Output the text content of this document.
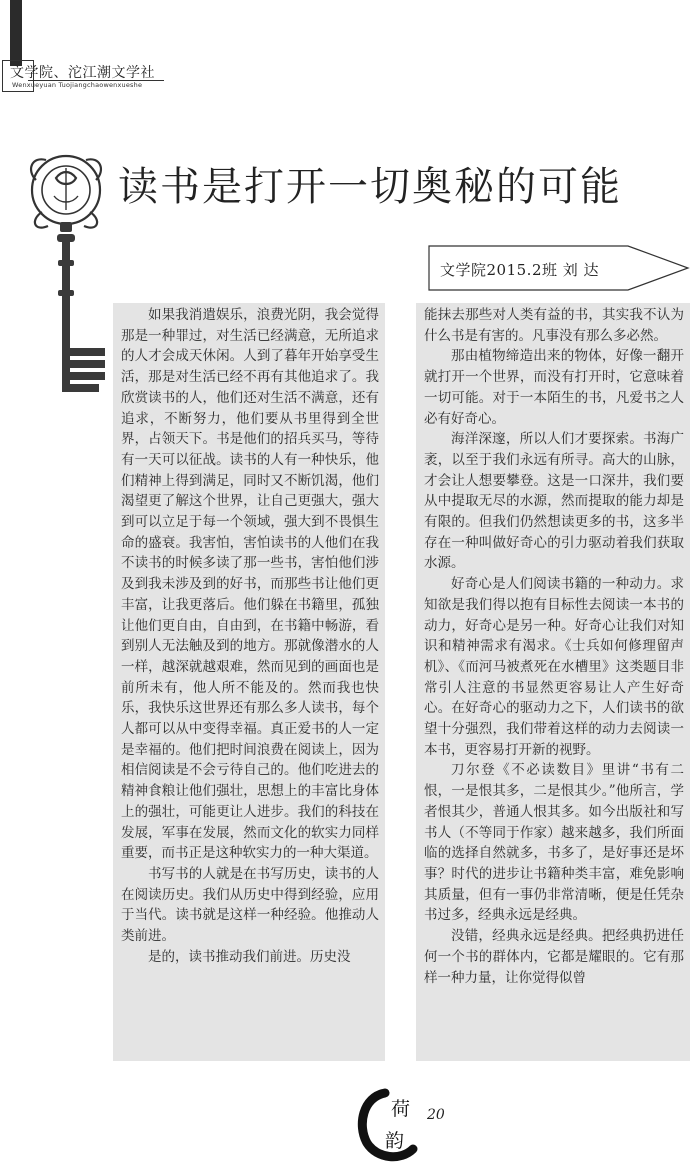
文学院、沱江潮文学社
Wenxueyuan Tuojiangchaowenxueshe
读书是打开一切奥秘的可能
文学院2015.2班 刘 达

如果我消遣娱乐，浪费光阴，我会觉得那是一种罪过，对生活已经满意，无所追求的人才会成天休闲。人到了暮年开始享受生活，那是对生活已经不再有其他追求了。我欣赏读书的人，他们还对生活不满意，还有追求，不断努力，他们要从书里得到全世界，占领天下。书是他们的招兵买马，等待有一天可以征战。读书的人有一种快乐，他们精神上得到满足，同时又不断饥渴，他们渴望更了解这个世界，让自己更强大，强大到可以立足于每一个领域，强大到不畏惧生命的盛衰。我害怕，害怕读书的人他们在我不读书的时候多读了那一些书，害怕他们涉及到我未涉及到的好书，而那些书让他们更丰富，让我更落后。他们躲在书籍里，孤独让他们更自由，自由到，在书籍中畅游，看到别人无法触及到的地方。那就像潜水的人一样，越深就越艰难，然而见到的画面也是前所未有，他人所不能及的。然而我也快乐，我快乐这世界还有那么多人读书，每个人都可以从中变得幸福。真正爱书的人一定是幸福的。他们把时间浪费在阅读上，因为相信阅读是不会亏待自己的。他们吃进去的精神食粮让他们强壮，思想上的丰富比身体上的强壮，可能更让人进步。我们的科技在发展，军事在发展，然而文化的软实力同样重要，而书正是这种软实力的一种大渠道。

书写书的人就是在书写历史，读书的人在阅读历史。我们从历史中得到经验，应用于当代。读书就是这样一种经验。他推动人类前进。

是的，读书推动我们前进。历史没

能抹去那些对人类有益的书，其实我不认为什么书是有害的。凡事没有那么多必然。

那由植物缔造出来的物体，好像一翻开就打开一个世界，而没有打开时，它意味着一切可能。对于一本陌生的书，凡爱书之人必有好奇心。

海洋深邃，所以人们才要探索。书海广袤，以至于我们永远有所寻。高大的山脉，才会让人想要攀登。这是一口深井，我们要从中提取无尽的水源，然而提取的能力却是有限的。但我们仍然想读更多的书，这多半存在一种叫做好奇心的引力驱动着我们获取水源。

好奇心是人们阅读书籍的一种动力。求知欲是我们得以抱有目标性去阅读一本书的动力，好奇心是另一种。好奇心让我们对知识和精神需求有渴求。《士兵如何修理留声机》、《而河马被煮死在水槽里》这类题目非常引人注意的书显然更容易让人产生好奇心。在好奇心的驱动力之下，人们读书的欲望十分强烈，我们带着这样的动力去阅读一本书，更容易打开新的视野。

刀尔登《不必读数目》里讲“书有二恨，一是恨其多，二是恨其少。”他所言，学者恨其少，普通人恨其多。如今出版社和写书人（不等同于作家）越来越多，我们所面临的选择自然就多，书多了，是好事还是坏事？时代的进步让书籍种类丰富，难免影响其质量，但有一事仍非常清晰，便是任凭杂书过多，经典永远是经典。

没错，经典永远是经典。把经典扔进任何一个书的群体内，它都是耀眼的。它有那样一种力量，让你觉得似曾

荷
韵
20
